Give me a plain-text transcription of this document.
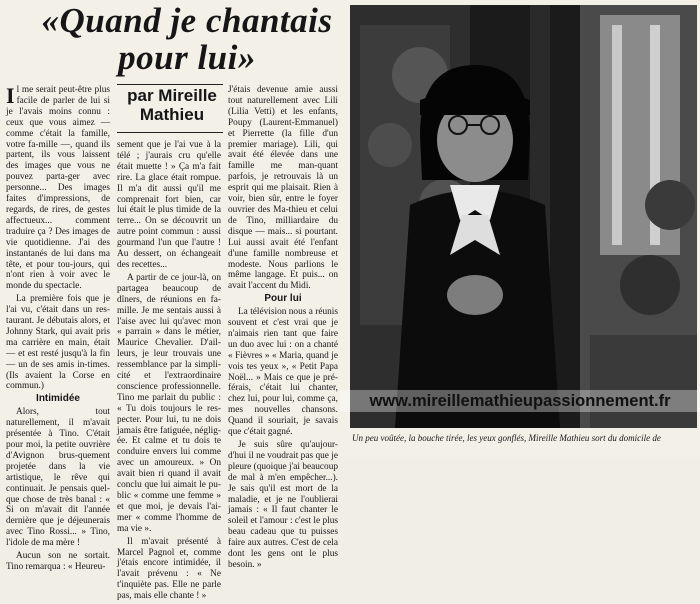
«Quand je chantais pour lui»
par Mireille Mathieu

Il me serait peut-être plus facile de parler de lui si je l'avais moins connu : ceux que vous aimez — comme c'était la famille, votre fa-mille —, quand ils partent, ils vous laissent des images que vous ne pouvez parta-ger avec personne... Des images faites d'impressions, de regards, de rires, de gestes affectueux... comment traduire ça ? Des images de vie quotidienne. J'ai des instantanés de lui dans ma tête, et pour tou-jours, qui n'ont rien à voir avec le monde du spectacle.

La première fois que je l'ai vu, c'était dans un res-taurant. Je débutais alors, et Johnny Stark, qui avait pris ma carrière en main, était — et est resté jusqu'à la fin — un de ses amis in-times. (Ils avaient la Corse en commun.)

Intimidée

Alors, tout naturellement, il m'avait présentée à Tino. C'était pour moi, la petite ouvrière d'Avignon brus-quement projetée dans la vie artistique, le rêve qui continuait. Je pensais quel-que chose de très banal : « Si on m'avait dit l'année dernière que je déjeunerais avec Tino Rossi... » Tino, l'idole de ma mère !

Aucun son ne sortait. Tino remarqua : « Heureu-

sement que je l'ai vue à la télé ; j'aurais cru qu'elle était muette ! » Ça m'a fait rire. La glace était rompue. Il m'a dit aussi qu'il me comprenait fort bien, car lui était le plus timide de la terre... On se découvrit un autre point commun : aussi gourmand l'un que l'autre ! Au dessert, on échangeait des recettes...

A partir de ce jour-là, on partagea beaucoup de dîners, de réunions en fa-mille. Je me sentais aussi à l'aise avec lui qu'avec mon « parrain » dans le métier, Maurice Chevalier. D'ail-leurs, je leur trouvais une ressemblance par la simpli-cité et l'extraordinaire conscience professionnelle. Tino me parlait du public : « Tu dois toujours le res-pecter. Pour lui, tu ne dois jamais être fatiguée, néglig-ée. Et calme et tu dois te conduire envers lui comme avec un amoureux. » On avait bien ri quand il avait conclu que lui aimait le pu-blic « comme une femme » et que moi, je devais l'ai-mer « comme l'homme de ma vie ».

Il m'avait présenté à Marcel Pagnol et, comme j'étais encore intimidée, il l'avait prévenu : « Ne t'inquiète pas. Elle ne parle pas, mais elle chante ! »

J'étais devenue amie aussi tout naturellement avec Lili (Lilia Vetti) et les enfants, Poupy (Laurent-Emmanuel) et Pierrette (la fille d'un premier mariage). Lili, qui avait été élevée dans une famille me man-quant parfois, je retrouvais là un esprit qui me plaisait. Rien à voir, bien sûr, entre le foyer ouvrier des Ma-thieu et celui de Tino, milliardaire du disque — mais... si pourtant. Lui aussi avait été l'enfant d'une famille nombreuse et modeste. Nous parlions le même langage. Et puis... on avait l'accent du Midi.

Pour lui

La télévision nous a réunis souvent et c'est vrai que je n'aimais rien tant que faire un duo avec lui : on a chanté « Fièvres » « Maria, quand je vois tes yeux », « Petit Papa Noël... » Mais ce que je pré-férais, c'était lui chanter, chez lui, pour lui, comme ça, mes nouvelles chansons. Quand il souriait, je savais que c'était gagné.

Je suis sûre qu'aujour-d'hui il ne voudrait pas que je pleure (quoique j'ai beaucoup de mal à m'en empêcher...). Je sais qu'il est mort de la maladie, et je ne l'oublierai jamais : « Il faut chanter le soleil et l'amour : c'est le plus beau cadeau que tu puisses faire aux autres. C'est de cela dont les gens ont le plus besoin. »

www.mireillemathieupassionnement.fr
Un peu voûtée, la bouche tirée, les yeux gonflés, Mireille Mathieu sort du domicile de
